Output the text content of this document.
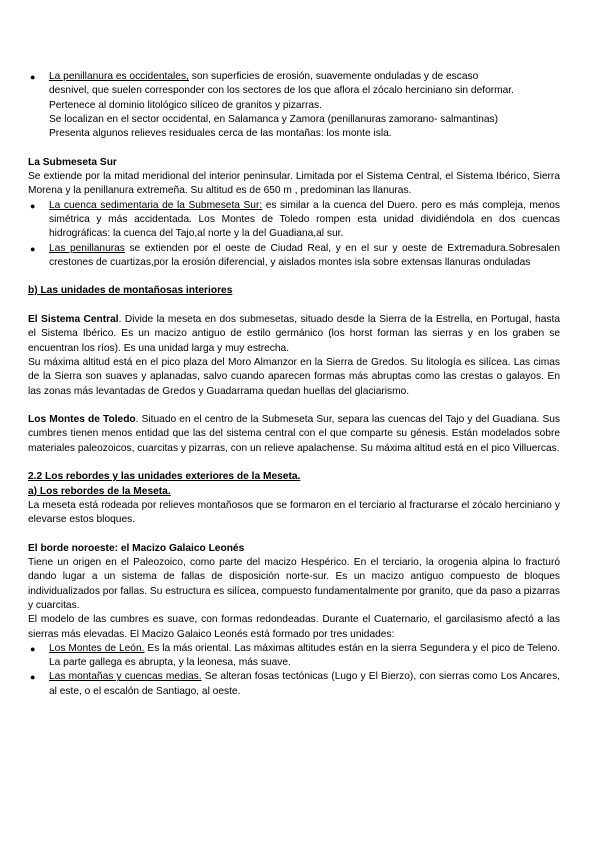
● La penillanura es occidentales, son superficies de erosión, suavemente onduladas y de escaso

desnivel, que suelen corresponder con los sectores de los que aflora el zócalo herciniano sin deformar.

Pertenece al dominio litológico silíceo de granitos y pizarras.

Se localizan en el sector occidental, en Salamanca y Zamora (penillanuras zamorano- salmantinas)

Presenta algunos relieves residuales cerca de las montañas: los monte isla.

La Submeseta Sur

Se extiende por la mitad meridional del interior peninsular. Limitada por el Sistema Central, el Sistema Ibérico, Sierra Morena y la penillanura extremeña. Su altitud es de 650 m , predominan las llanuras.

● La cuenca sedimentaria de la Submeseta Sur: es similar a la cuenca del Duero. pero es más compleja, menos simétrica y más accidentada. Los Montes de Toledo rompen esta unidad dividiéndola en dos cuencas hidrográficas: la cuenca del Tajo,al norte y la del Guadiana,al sur.

● Las penillanuras se extienden por el oeste de Ciudad Real, y en el sur y oeste de Extremadura.Sobresalen crestones de cuartizas,por la erosión diferencial, y aislados montes isla sobre extensas llanuras onduladas

b) Las unidades de montañosas interiores

El Sistema Central. Divide la meseta en dos submesetas, situado desde la Sierra de la Estrella, en Portugal, hasta el Sistema Ibérico. Es un macizo antiguo de estilo germánico (los horst forman las sierras y en los graben se encuentran los ríos). Es una unidad larga y muy estrecha.

Su máxima altitud está en el pico plaza del Moro Almanzor en la Sierra de Gredos. Su litología es silícea. Las cimas de la Sierra son suaves y aplanadas, salvo cuando aparecen formas más abruptas como las crestas o galayos. En las zonas más levantadas de Gredos y Guadarrama quedan huellas del glaciarismo.

Los Montes de Toledo. Situado en el centro de la Submeseta Sur, separa las cuencas del Tajo y del Guadiana. Sus cumbres tienen menos entidad que las del sistema central con el que comparte su génesis. Están modelados sobre materiales paleozoicos, cuarcitas y pizarras, con un relieve apalachense. Su máxima altitud está en el pico Villuercas.

2.2 Los rebordes y las unidades exteriores de la Meseta.

a) Los rebordes de la Meseta.

La meseta está rodeada por relieves montañosos que se formaron en el terciario al fracturarse el zócalo herciniano y elevarse estos bloques.

El borde noroeste: el Macizo Galaico Leonés

Tiene un origen en el Paleozoico, como parte del macizo Hespérico. En el terciario, la orogenia alpina lo fracturó dando lugar a un sistema de fallas de disposición norte-sur. Es un macizo antiguo compuesto de bloques individualizados por fallas. Su estructura es silícea, compuesto fundamentalmente por granito, que da paso a pizarras y cuarcitas.

El modelo de las cumbres es suave, con formas redondeadas. Durante el Cuaternario, el garcilasismo afectó a las sierras más elevadas. El Macizo Galaico Leonés está formado por tres unidades:

● Los Montes de León. Es la más oriental. Las máximas altitudes están en la sierra Segundera y el pico de Teleno. La parte gallega es abrupta, y la leonesa, más suave.

● Las montañas y cuencas medias. Se alteran fosas tectónicas (Lugo y El Bierzo), con sierras como Los Ancares, al este, o el escalón de Santiago, al oeste.
